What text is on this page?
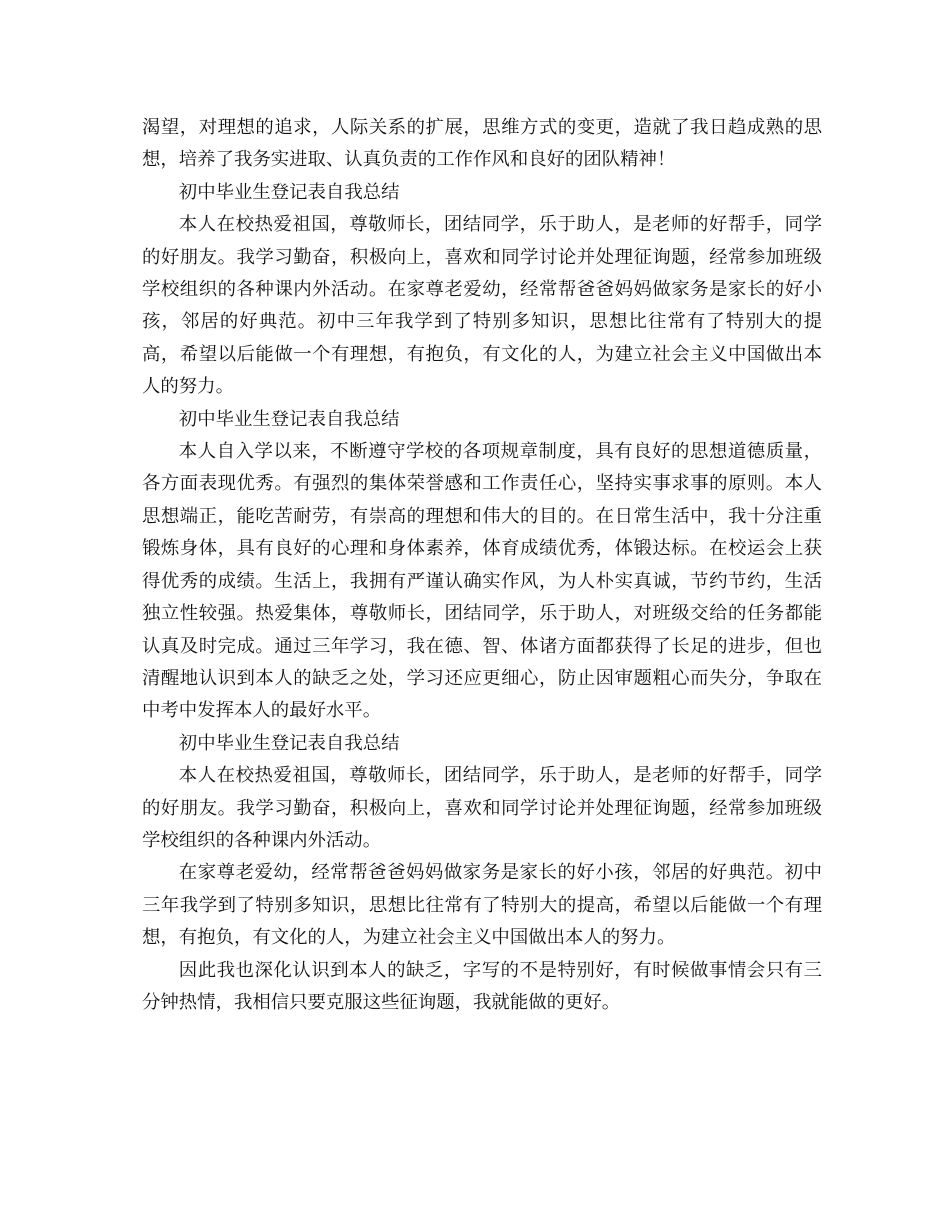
渴望，对理想的追求，人际关系的扩展，思维方式的变更，造就了我日趋成熟的思想，培养了我务实进取、认真负责的工作作风和良好的团队精神！

初中毕业生登记表自我总结

本人在校热爱祖国，尊敬师长，团结同学，乐于助人，是老师的好帮手，同学的好朋友。我学习勤奋，积极向上，喜欢和同学讨论并处理征询题，经常参加班级学校组织的各种课内外活动。在家尊老爱幼，经常帮爸爸妈妈做家务是家长的好小孩，邻居的好典范。初中三年我学到了特别多知识，思想比往常有了特别大的提高，希望以后能做一个有理想，有抱负，有文化的人，为建立社会主义中国做出本人的努力。

初中毕业生登记表自我总结

本人自入学以来，不断遵守学校的各项规章制度，具有良好的思想道德质量，各方面表现优秀。有强烈的集体荣誉感和工作责任心，坚持实事求事的原则。本人思想端正，能吃苦耐劳，有崇高的理想和伟大的目的。在日常生活中，我十分注重锻炼身体，具有良好的心理和身体素养，体育成绩优秀，体锻达标。在校运会上获得优秀的成绩。生活上，我拥有严谨认确实作风，为人朴实真诚，节约节约，生活独立性较强。热爱集体，尊敬师长，团结同学，乐于助人，对班级交给的任务都能认真及时完成。通过三年学习，我在德、智、体诸方面都获得了长足的进步，但也清醒地认识到本人的缺乏之处，学习还应更细心，防止因审题粗心而失分，争取在中考中发挥本人的最好水平。

初中毕业生登记表自我总结

本人在校热爱祖国，尊敬师长，团结同学，乐于助人，是老师的好帮手，同学的好朋友。我学习勤奋，积极向上，喜欢和同学讨论并处理征询题，经常参加班级学校组织的各种课内外活动。

在家尊老爱幼，经常帮爸爸妈妈做家务是家长的好小孩，邻居的好典范。初中三年我学到了特别多知识，思想比往常有了特别大的提高，希望以后能做一个有理想，有抱负，有文化的人，为建立社会主义中国做出本人的努力。

因此我也深化认识到本人的缺乏，字写的不是特别好，有时候做事情会只有三分钟热情，我相信只要克服这些征询题，我就能做的更好。
